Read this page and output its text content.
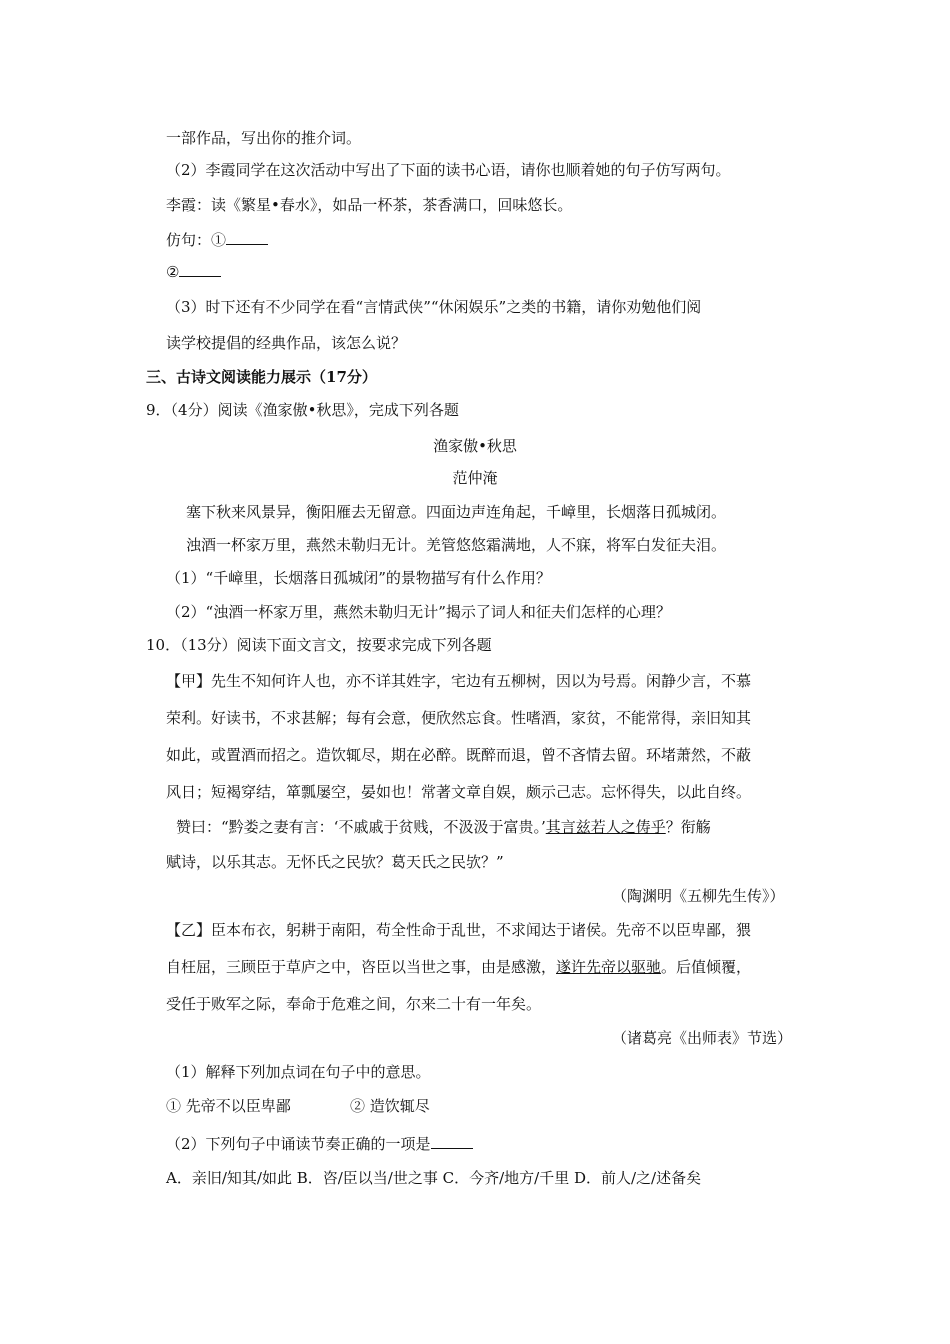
一部作品，写出你的推介词。
（2）李霞同学在这次活动中写出了下面的读书心语，请你也顺着她的句子仿写两句。
李霞：读《繁星•春水》，如品一杯茶，茶香满口，回味悠长。
仿句：①
②
（3）时下还有不少同学在看“言情武侠”“休闲娱乐”之类的书籍，请你劝勉他们阅
读学校提倡的经典作品，该怎么说？
三、古诗文阅读能力展示（17分）
9．（4分）阅读《渔家傲•秋思》，完成下列各题
渔家傲•秋思
范仲淹
塞下秋来风景异，衡阳雁去无留意。四面边声连角起，千嶂里，长烟落日孤城闭。
浊酒一杯家万里，燕然未勒归无计。羌管悠悠霜满地，人不寐，将军白发征夫泪。
（1）“千嶂里，长烟落日孤城闭”的景物描写有什么作用？
（2）“浊酒一杯家万里，燕然未勒归无计”揭示了词人和征夫们怎样的心理？
10．（13分）阅读下面文言文，按要求完成下列各题
【甲】先生不知何许人也，亦不详其姓字，宅边有五柳树，因以为号焉。闲静少言，不慕
荣利。好读书，不求甚解；每有会意，便欣然忘食。性嗜酒，家贫，不能常得，亲旧知其
如此，或置酒而招之。造饮辄尽，期在必醉。既醉而退，曾不吝情去留。环堵萧然，不蔽
风日；短褐穿结，箪瓢屡空，晏如也！常著文章自娱，颇示己志。忘怀得失，以此自终。
赞曰：“黔娄之妻有言：‘不戚戚于贫贱，不汲汲于富贵。’其言兹若人之俦乎？衔觞
赋诗，以乐其志。无怀氏之民欤？葛天氏之民欤？”
（陶渊明《五柳先生传》）
【乙】臣本布衣，躬耕于南阳，苟全性命于乱世，不求闻达于诸侯。先帝不以臣卑鄙，猥
自枉屈，三顾臣于草庐之中，咨臣以当世之事，由是感激，遂许先帝以驱驰。后值倾覆，
受任于败军之际，奉命于危难之间，尔来二十有一年矣。
（诸葛亮《出师表》节选）
（1）解释下列加点词在句子中的意思。
① 先帝不以臣卑鄙	② 造饮辄尽
（2）下列句子中诵读节奏正确的一项是
A．亲旧/知其/如此 B．咨/臣以当/世之事 C．今齐/地方/千里 D．前人/之/述备矣
